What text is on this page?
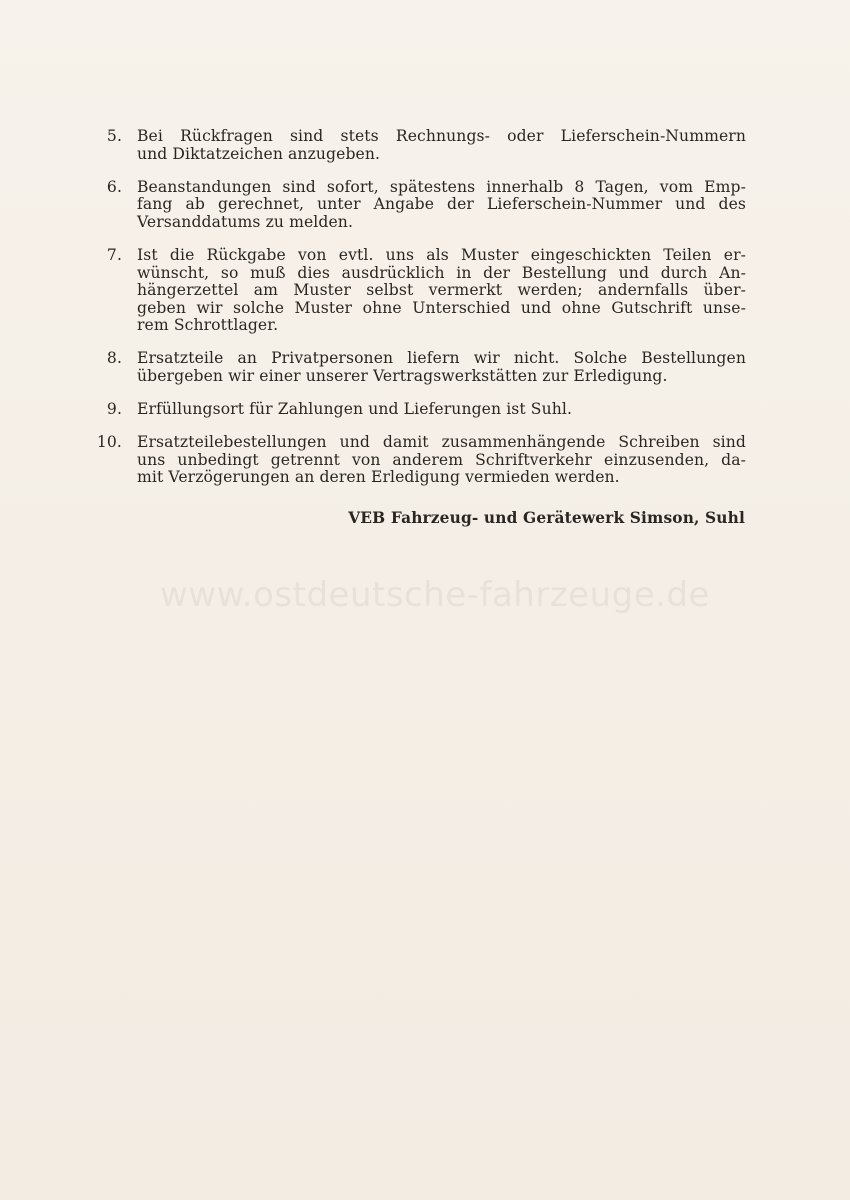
5. Bei Rückfragen sind stets Rechnungs- oder Lieferschein-Nummern
und Diktatzeichen anzugeben.
6. Beanstandungen sind sofort, spätestens innerhalb 8 Tagen, vom Emp-
fang ab gerechnet, unter Angabe der Lieferschein-Nummer und des
Versanddatums zu melden.
7. Ist die Rückgabe von evtl. uns als Muster eingeschickten Teilen er-
wünscht, so muß dies ausdrücklich in der Bestellung und durch An-
hängerzettel am Muster selbst vermerkt werden; andernfalls über-
geben wir solche Muster ohne Unterschied und ohne Gutschrift unse-
rem Schrottlager.
8. Ersatzteile an Privatpersonen liefern wir nicht. Solche Bestellungen
übergeben wir einer unserer Vertragswerkstätten zur Erledigung.
9. Erfüllungsort für Zahlungen und Lieferungen ist Suhl.
10. Ersatzteilebestellungen und damit zusammenhängende Schreiben sind
uns unbedingt getrennt von anderem Schriftverkehr einzusenden, da-
mit Verzögerungen an deren Erledigung vermieden werden.
VEB Fahrzeug- und Gerätewerk Simson, Suhl
www.ostdeutsche-fahrzeuge.de
